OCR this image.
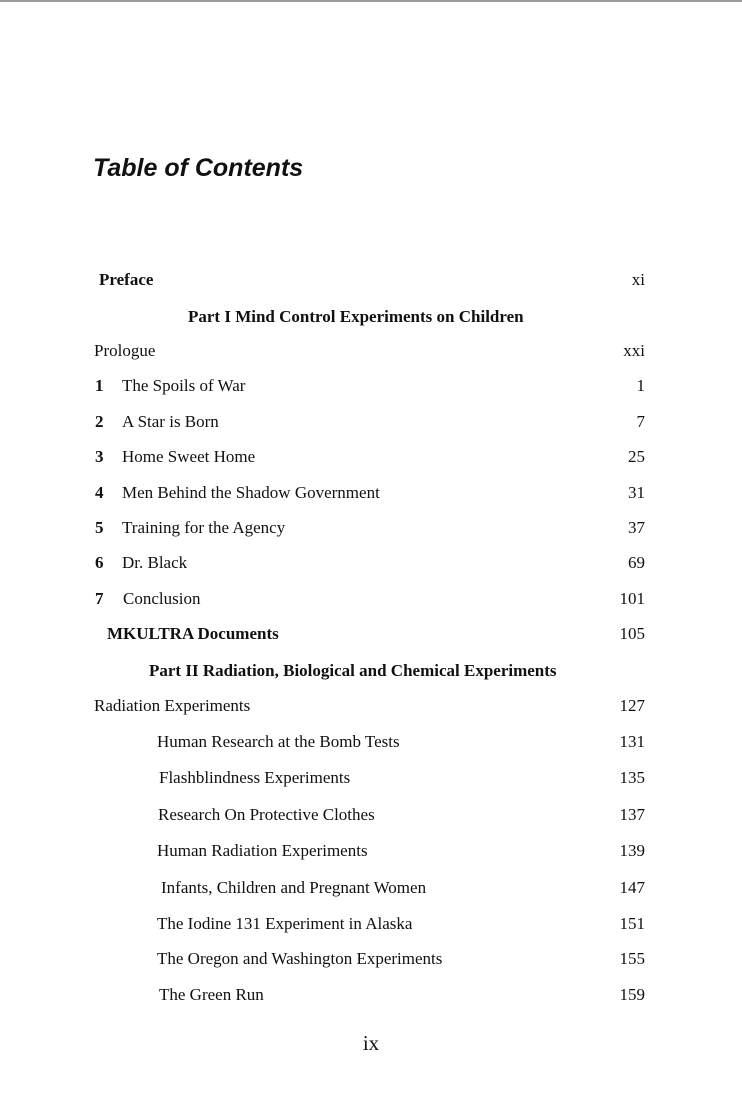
Table of Contents
Preface	xi
Part I Mind Control Experiments on Children
Prologue	xxi
1 The Spoils of War	1
2 A Star is Born	7
3 Home Sweet Home	25
4 Men Behind the Shadow Government	31
5 Training for the Agency	37
6 Dr. Black	69
7 Conclusion	101
MKULTRA Documents	105
Part II Radiation, Biological and Chemical Experiments
Radiation Experiments	127
Human Research at the Bomb Tests	131
Flashblindness Experiments	135
Research On Protective Clothes	137
Human Radiation Experiments	139
Infants, Children and Pregnant Women	147
The Iodine 131 Experiment in Alaska	151
The Oregon and Washington Experiments	155
The Green Run	159
ix
